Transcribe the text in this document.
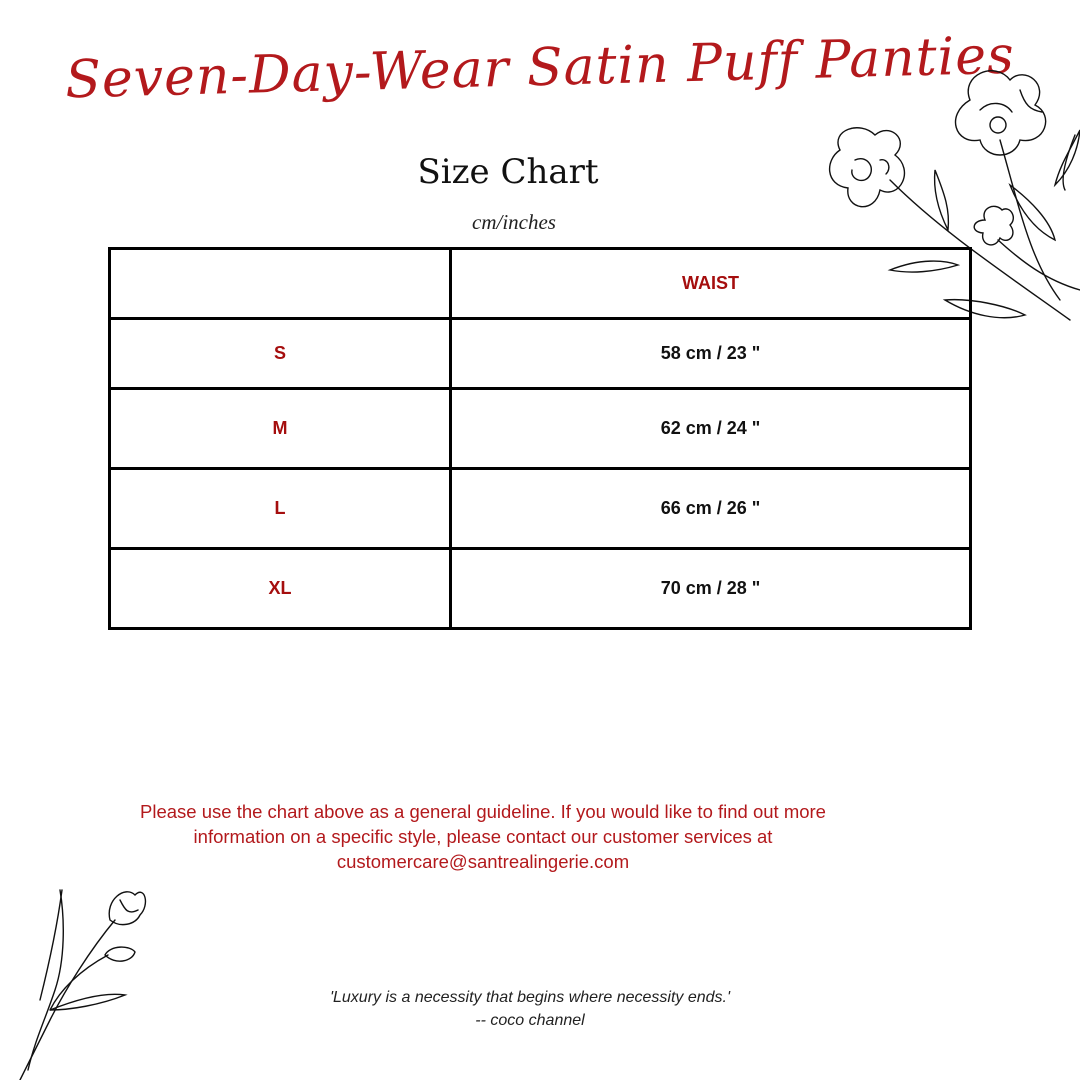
Seven-Day-Wear Satin Puff Panties
Size Chart
cm/inches
	WAIST
S	58 cm / 23 "
M	62 cm / 24 "
L	66 cm / 26 "
XL	70 cm / 28 "
Please use the chart above as a general guideline. If you would like to find out more information on a specific style, please contact our customer services at customercare@santrealingerie.com
'Luxury is a necessity that begins where necessity ends.'
-- coco channel
